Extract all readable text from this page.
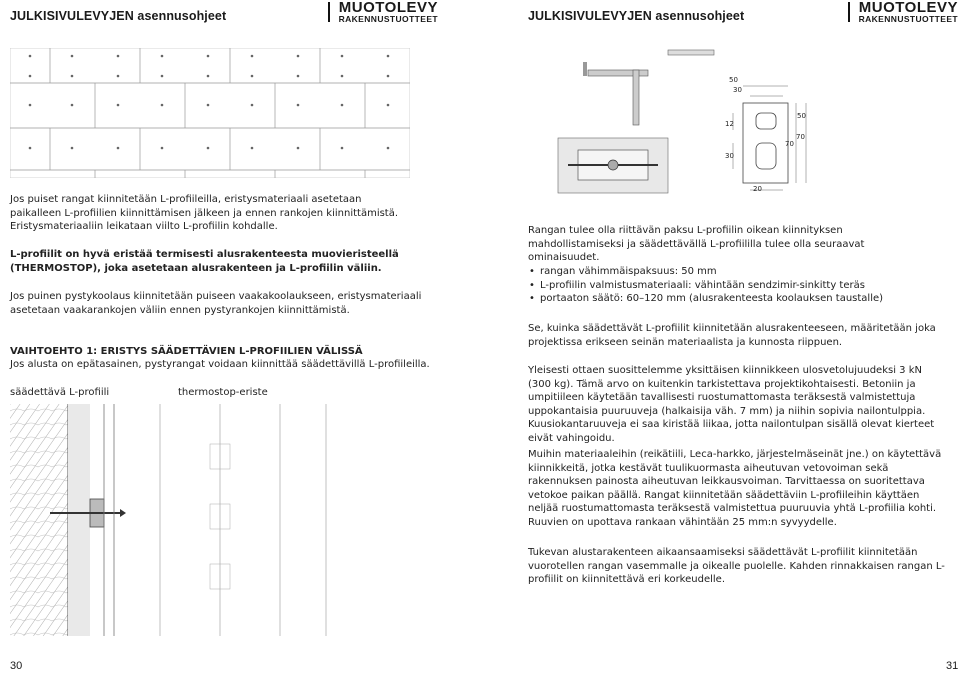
JULKISIVULEVYJEN asennusohjeet	MUOTOLEVY
RAKENNUSTUOTTEET
Jos puiset rangat kiinnitetään L-profiileilla, eristysmateriaali asetetaan paikalleen L-profiilien kiinnittämisen jälkeen ja ennen rankojen kiinnittämistä. Eristysmateriaaliin leikataan viilto L-profiilin kohdalle.
L-profiilit on hyvä eristää termisesti alusrakenteesta muovieristeellä (THERMOSTOP), joka asetetaan alusrakenteen ja L-profiilin väliin.
Jos puinen pystykoolaus kiinnitetään puiseen vaakakoolaukseen, eristysmateriaali asetetaan vaakarankojen väliin ennen pystyrankojen kiinnittämistä.
VAIHTOEHTO 1: ERISTYS SÄÄDETTÄVIEN L-PROFIILIEN VÄLISSÄ
Jos alusta on epätasainen, pystyrangat voidaan kiinnittää säädettävillä L-profiileilla.
säädettävä L-profiili	thermostop-eriste
30
JULKISIVULEVYJEN asennusohjeet	MUOTOLEVY
RAKENNUSTUOTTEET
50
30
70
12
30
70
50
20
Rangan tulee olla riittävän paksu L-profiilin oikean kiinnityksen mahdollistamiseksi ja säädettävällä L-profiililla tulee olla seuraavat ominaisuudet.
• rangan vähimmäispaksuus: 50 mm
• L-profiilin valmistusmateriaali: vähintään sendzimir-sinkitty teräs
• portaaton säätö: 60–120 mm (alusrakenteesta koolauksen taustalle)
Se, kuinka säädettävät L-profiilit kiinnitetään alusrakenteeseen, määritetään joka projektissa erikseen seinän materiaalista ja kunnosta riippuen.
Yleisesti ottaen suosittelemme yksittäisen kiinnikkeen ulosvetolujuudeksi 3 kN (300 kg). Tämä arvo on kuitenkin tarkistettava projektikohtaisesti. Betoniin ja umpitiileen käytetään tavallisesti ruostumattomasta teräksestä valmistettuja uppokantaisia puuruuveja (halkaisija väh. 7 mm) ja niihin sopivia nailontulppia. Kuusiokantaruuveja ei saa kiristää liikaa, jotta nailontulpan sisällä olevat kierteet eivät vahingoidu.
Muihin materiaaleihin (reikätiili, Leca-harkko, järjestelmäseinät jne.) on käytettävä kiinnikkeitä, jotka kestävät tuulikuormasta aiheutuvan vetovoiman sekä rakennuksen painosta aiheutuvan leikkausvoiman. Tarvittaessa on suoritettava vetokoe paikan päällä. Rangat kiinnitetään säädettäviin L-profiileihin käyttäen neljää ruostumattomasta teräksestä valmistettua puuruuvia yhtä L-profiilia kohti. Ruuvien on upottava rankaan vähintään 25 mm:n syvyydelle.
Tukevan alustarakenteen aikaansaamiseksi säädettävät L-profiilit kiinnitetään vuorotellen rangan vasemmalle ja oikealle puolelle. Kahden rinnakkaisen rangan L-profiilit on kiinnitettävä eri korkeudelle.
31
